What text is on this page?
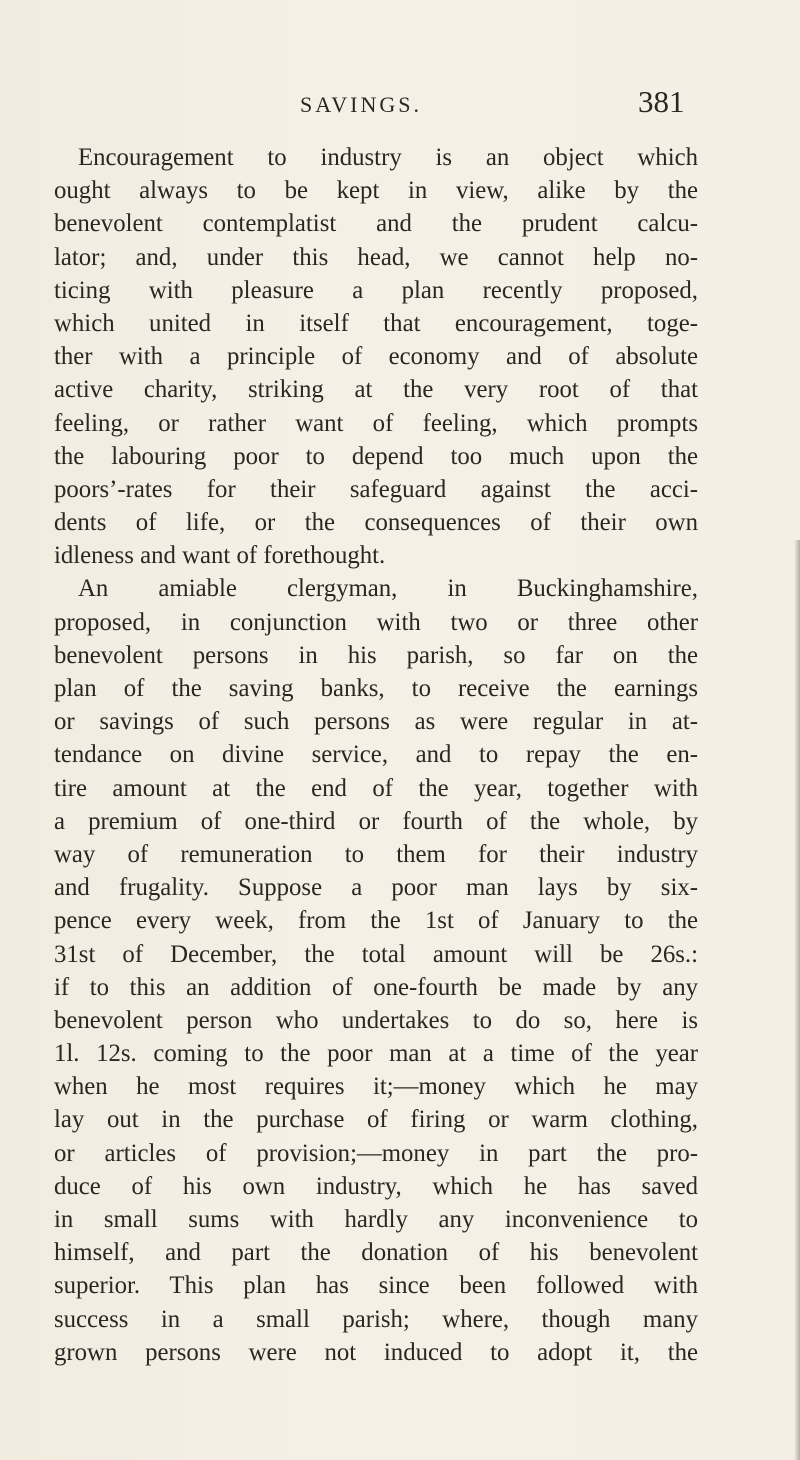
SAVINGS.	381
Encouragement to industry is an object which
ought always to be kept in view, alike by the
benevolent contemplatist and the prudent calcu-
lator; and, under this head, we cannot help no-
ticing with pleasure a plan recently proposed,
which united in itself that encouragement, toge-
ther with a principle of economy and of absolute
active charity, striking at the very root of that
feeling, or rather want of feeling, which prompts
the labouring poor to depend too much upon the
poors’-rates for their safeguard against the acci-
dents of life, or the consequences of their own
idleness and want of forethought.
An amiable clergyman, in Buckinghamshire,
proposed, in conjunction with two or three other
benevolent persons in his parish, so far on the
plan of the saving banks, to receive the earnings
or savings of such persons as were regular in at-
tendance on divine service, and to repay the en-
tire amount at the end of the year, together with
a premium of one-third or fourth of the whole, by
way of remuneration to them for their industry
and frugality. Suppose a poor man lays by six-
pence every week, from the 1st of January to the
31st of December, the total amount will be 26s.:
if to this an addition of one-fourth be made by any
benevolent person who undertakes to do so, here is
1l. 12s. coming to the poor man at a time of the year
when he most requires it;—money which he may
lay out in the purchase of firing or warm clothing,
or articles of provision;—money in part the pro-
duce of his own industry, which he has saved
in small sums with hardly any inconvenience to
himself, and part the donation of his benevolent
superior. This plan has since been followed with
success in a small parish; where, though many
grown persons were not induced to adopt it, the
